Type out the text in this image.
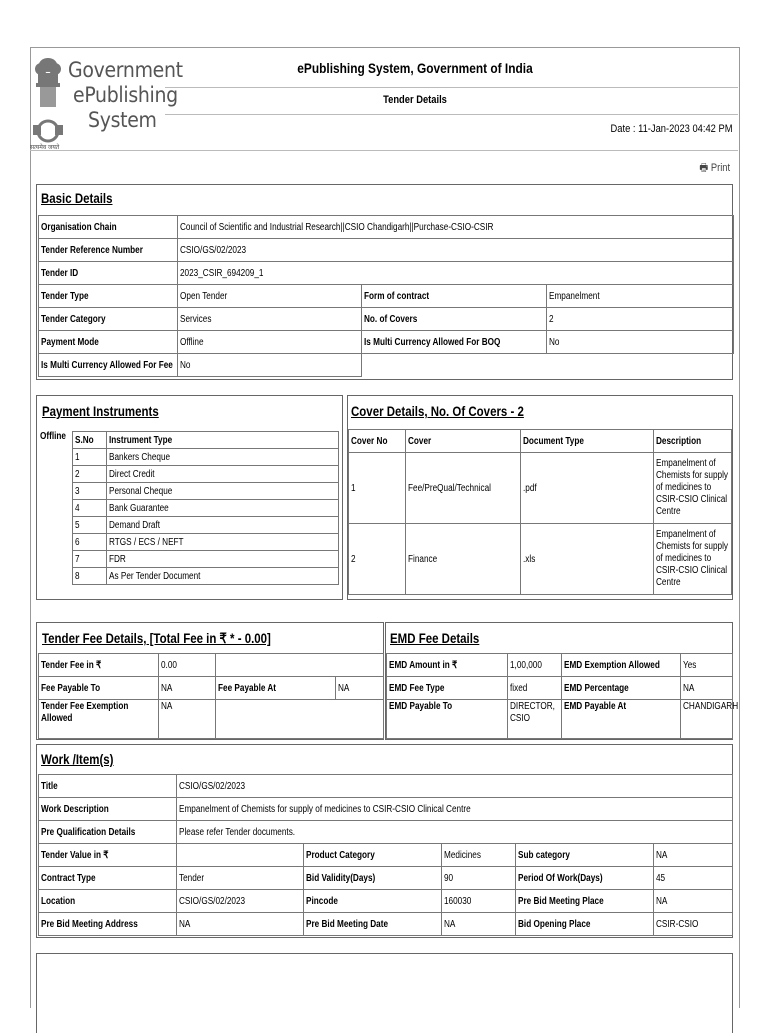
सत्यमेव जयते
Government
ePublishing
System
ePublishing System, Government of India
Tender Details
Date : 11-Jan-2023 04:42 PM
🖶 Print
Basic Details
Organisation Chain	Council of Scientific and Industrial Research||CSIO Chandigarh||Purchase-CSIO-CSIR		
Tender Reference Number	CSIO/GS/02/2023		
Tender ID	2023_CSIR_694209_1		
Tender Type	Open Tender	Form of contract	Empanelment
Tender Category	Services	No. of Covers	2
Payment Mode	Offline	Is Multi Currency Allowed For BOQ	No
Is Multi Currency Allowed For Fee	No		
Payment Instruments
Offline S.No	Instrument Type
1	Bankers Cheque
2	Direct Credit
3	Personal Cheque
4	Bank Guarantee
5	Demand Draft
6	RTGS / ECS / NEFT
7	FDR
8	As Per Tender Document
Cover Details, No. Of Covers - 2
Cover No	Cover	Document Type	Description
1	Fee/PreQual/Technical	.pdf	Empanelment of Chemists for supply of medicines to CSIR-CSIO Clinical Centre
2	Finance	.xls	Empanelment of Chemists for supply of medicines to CSIR-CSIO Clinical Centre
Tender Fee Details, [Total Fee in ₹ * - 0.00]
Tender Fee in ₹	0.00		
Fee Payable To	NA	Fee Payable At	NA
Tender Fee Exemption Allowed	NA		
EMD Fee Details
EMD Amount in ₹	1,00,000	EMD Exemption Allowed	Yes
EMD Fee Type	fixed	EMD Percentage	NA
EMD Payable To	DIRECTOR, CSIO	EMD Payable At	CHANDIGARH
Work /Item(s)
Title	CSIO/GS/02/2023				
Work Description	Empanelment of Chemists for supply of medicines to CSIR-CSIO Clinical Centre				
Pre Qualification Details	Please refer Tender documents.				
Tender Value in ₹		Product Category	Medicines	Sub category	NA
Contract Type	Tender	Bid Validity(Days)	90	Period Of Work(Days)	45
Location	CSIO/GS/02/2023	Pincode	160030	Pre Bid Meeting Place	NA
Pre Bid Meeting Address	NA	Pre Bid Meeting Date	NA	Bid Opening Place	CSIR-CSIO
